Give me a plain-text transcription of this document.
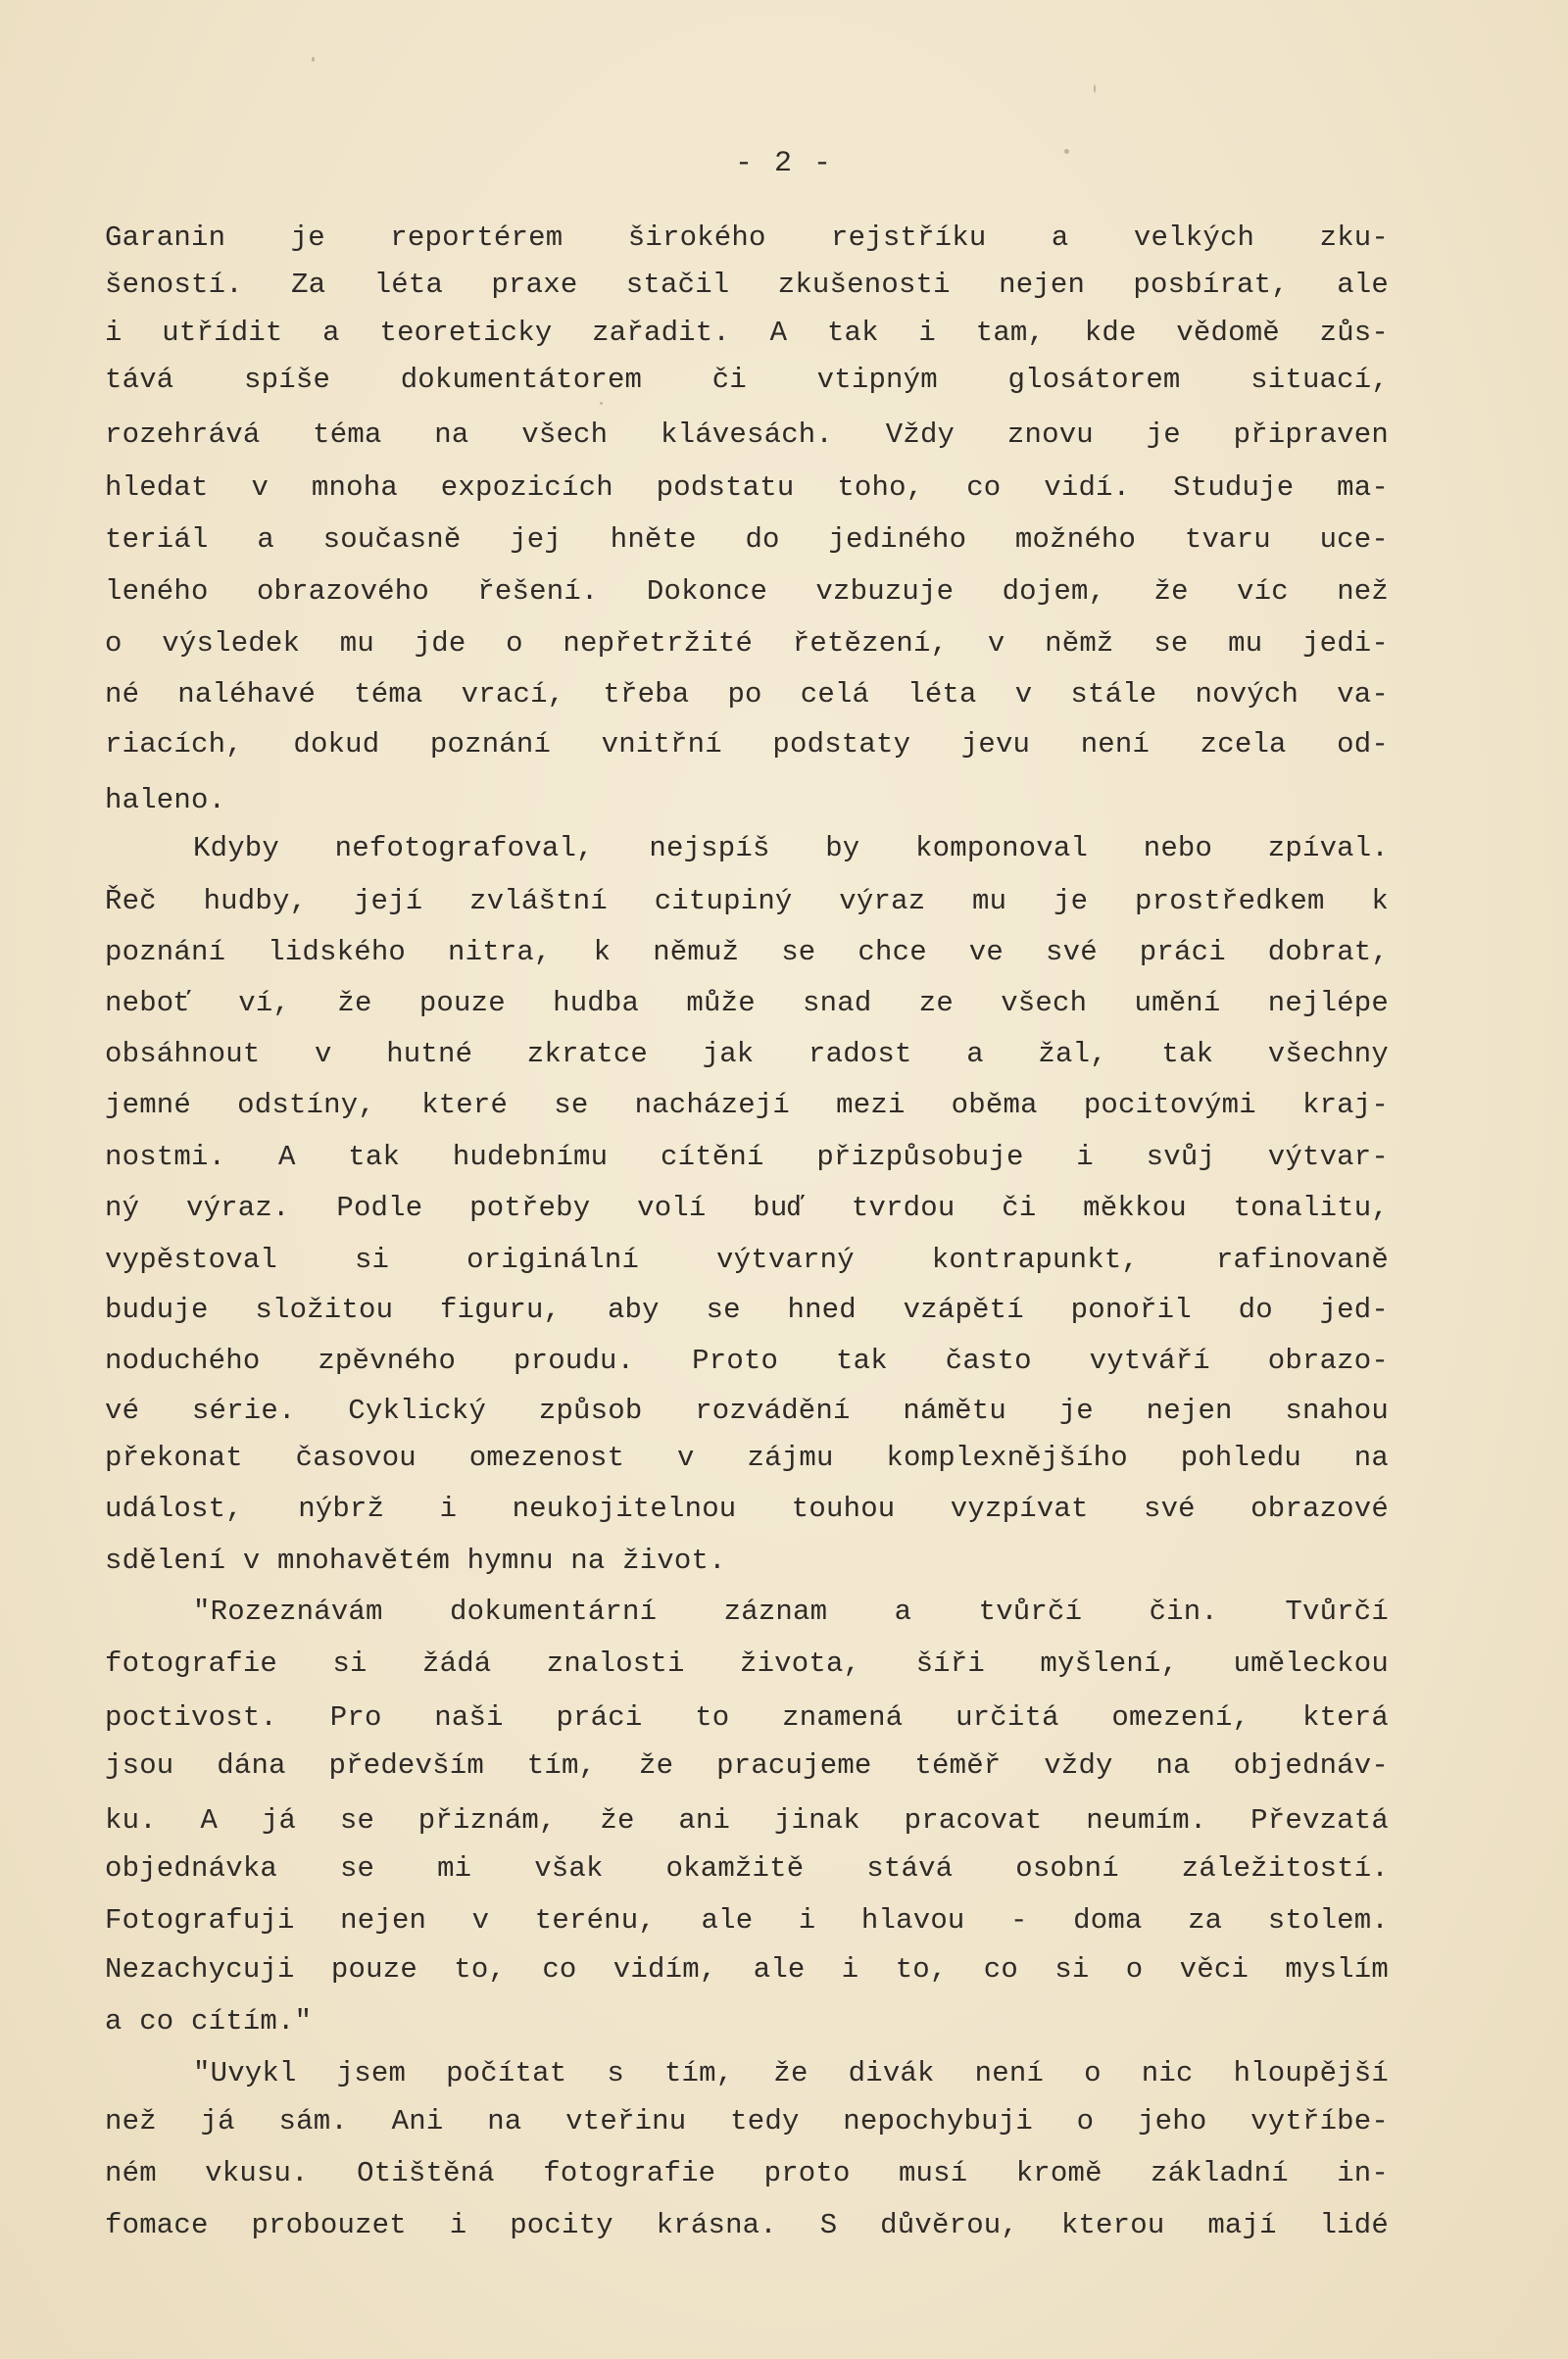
- 2 -

Garanin je reportérem širokého rejstříku a velkých zku-

šeností. Za léta praxe stačil zkušenosti nejen posbírat, ale

i utřídit a teoreticky zařadit. A tak i tam, kde vědomě zůs-

tává spíše dokumentátorem či vtipným glosátorem situací,

rozehrává téma na všech klávesách. Vždy znovu je připraven

hledat v mnoha expozicích podstatu toho, co vidí. Studuje ma-

teriál a současně jej hněte do jediného možného tvaru uce-

leného obrazového řešení. Dokonce vzbuzuje dojem, že víc než

o výsledek mu jde o nepřetržité řetězení, v němž se mu jedi-

né naléhavé téma vrací, třeba po celá léta v stále nových va-

riacích, dokud poznání vnitřní podstaty jevu není zcela od-

haleno.

Kdyby nefotografoval, nejspíš by komponoval nebo zpíval.

Řeč hudby, její zvláštní citupiný výraz mu je prostředkem k

poznání lidského nitra, k němuž se chce ve své práci dobrat,

neboť ví, že pouze hudba může snad ze všech umění nejlépe

obsáhnout v hutné zkratce jak radost a žal, tak všechny

jemné odstíny, které se nacházejí mezi oběma pocitovými kraj-

nostmi. A tak hudebnímu cítění přizpůsobuje i svůj výtvar-

ný výraz. Podle potřeby volí buď tvrdou či měkkou tonalitu,

vypěstoval si originální výtvarný kontrapunkt, rafinovaně

buduje složitou figuru, aby se hned vzápětí ponořil do jed-

noduchého zpěvného proudu. Proto tak často vytváří obrazo-

vé série. Cyklický způsob rozvádění námětu je nejen snahou

překonat časovou omezenost v zájmu komplexnějšího pohledu na

událost, nýbrž i neukojitelnou touhou vyzpívat své obrazové

sdělení v mnohavětém hymnu na život.

"Rozeznávám dokumentární záznam a tvůrčí čin. Tvůrčí

fotografie si žádá znalosti života, šíři myšlení, uměleckou

poctivost. Pro naši práci to znamená určitá omezení, která

jsou dána především tím, že pracujeme téměř vždy na objednáv-

ku. A já se přiznám, že ani jinak pracovat neumím. Převzatá

objednávka se mi však okamžitě stává osobní záležitostí.

Fotografuji nejen v terénu, ale i hlavou - doma za stolem.

Nezachycuji pouze to, co vidím, ale i to, co si o věci myslím

a co cítím."

"Uvykl jsem počítat s tím, že divák není o nic hloupější

než já sám. Ani na vteřinu tedy nepochybuji o jeho vytříbe-

ném vkusu. Otištěná fotografie proto musí kromě základní in-

fomace probouzet i pocity krásna. S důvěrou, kterou mají lidé
